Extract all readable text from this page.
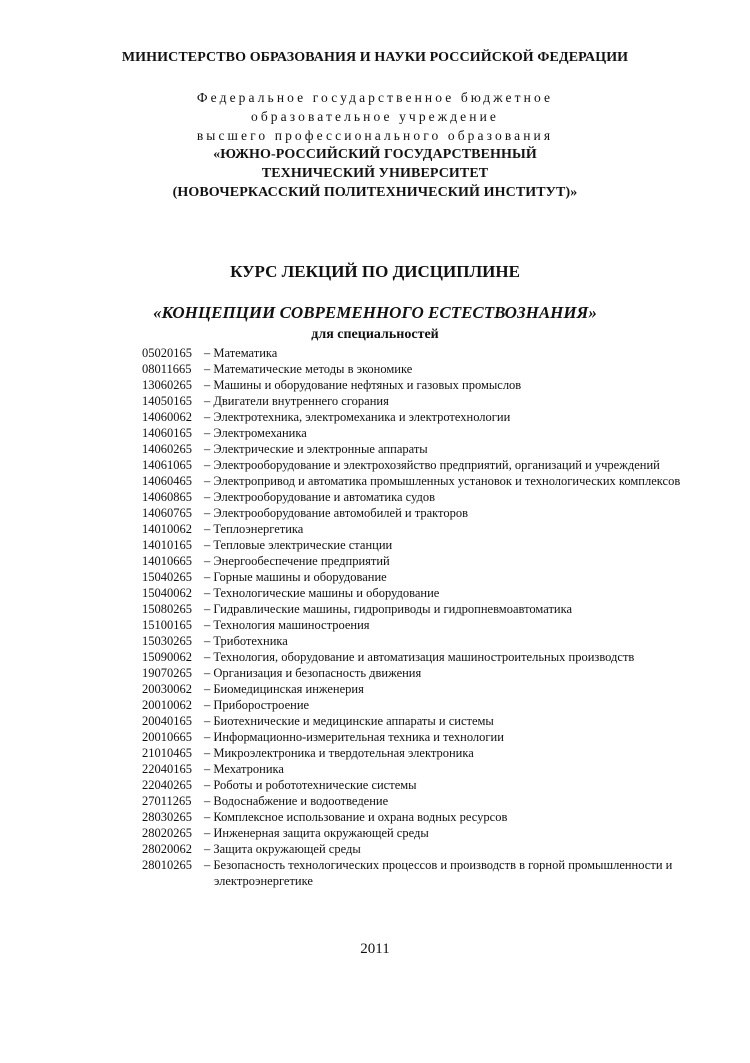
МИНИСТЕРСТВО ОБРАЗОВАНИЯ И НАУКИ РОССИЙСКОЙ ФЕДЕРАЦИИ
Федеральное государственное бюджетное
образовательное учреждение
высшего профессионального образования
«ЮЖНО-РОССИЙСКИЙ ГОСУДАРСТВЕННЫЙ
ТЕХНИЧЕСКИЙ УНИВЕРСИТЕТ
(НОВОЧЕРКАССКИЙ ПОЛИТЕХНИЧЕСКИЙ ИНСТИТУТ)»
КУРС ЛЕКЦИЙ ПО ДИСЦИПЛИНЕ
«КОНЦЕПЦИИ СОВРЕМЕННОГО ЕСТЕСТВОЗНАНИЯ»
для специальностей
05020165 – Математика
08011665 – Математические методы в экономике
13060265 – Машины и оборудование нефтяных и газовых промыслов
14050165 – Двигатели внутреннего сгорания
14060062 – Электротехника, электромеханика и электротехнологии
14060165 – Электромеханика
14060265 – Электрические и электронные аппараты
14061065 – Электрооборудование и электрохозяйство предприятий, организаций и учреждений
14060465 – Электропривод и автоматика промышленных установок и технологических комплексов
14060865 – Электрооборудование и автоматика судов
14060765 – Электрооборудование автомобилей и тракторов
14010062 – Теплоэнергетика
14010165 – Тепловые электрические станции
14010665 – Энергообеспечение предприятий
15040265 – Горные машины и оборудование
15040062 – Технологические машины и оборудование
15080265 – Гидравлические машины, гидроприводы и гидропневмоавтоматика
15100165 – Технология машиностроения
15030265 – Триботехника
15090062 – Технология, оборудование и автоматизация машиностроительных производств
19070265 – Организация и безопасность движения
20030062 – Биомедицинская инженерия
20010062 – Приборостроение
20040165 – Биотехнические и медицинские аппараты и системы
20010665 – Информационно-измерительная техника и технологии
21010465 – Микроэлектроника и твердотельная электроника
22040165 – Мехатроника
22040265 – Роботы и робототехнические системы
27011265 – Водоснабжение и водоотведение
28030265 – Комплексное использование и охрана водных ресурсов
28020265 – Инженерная защита окружающей среды
28020062 – Защита окружающей среды
28010265 – Безопасность технологических процессов и производств в горной промышленности и электроэнергетике
2011
